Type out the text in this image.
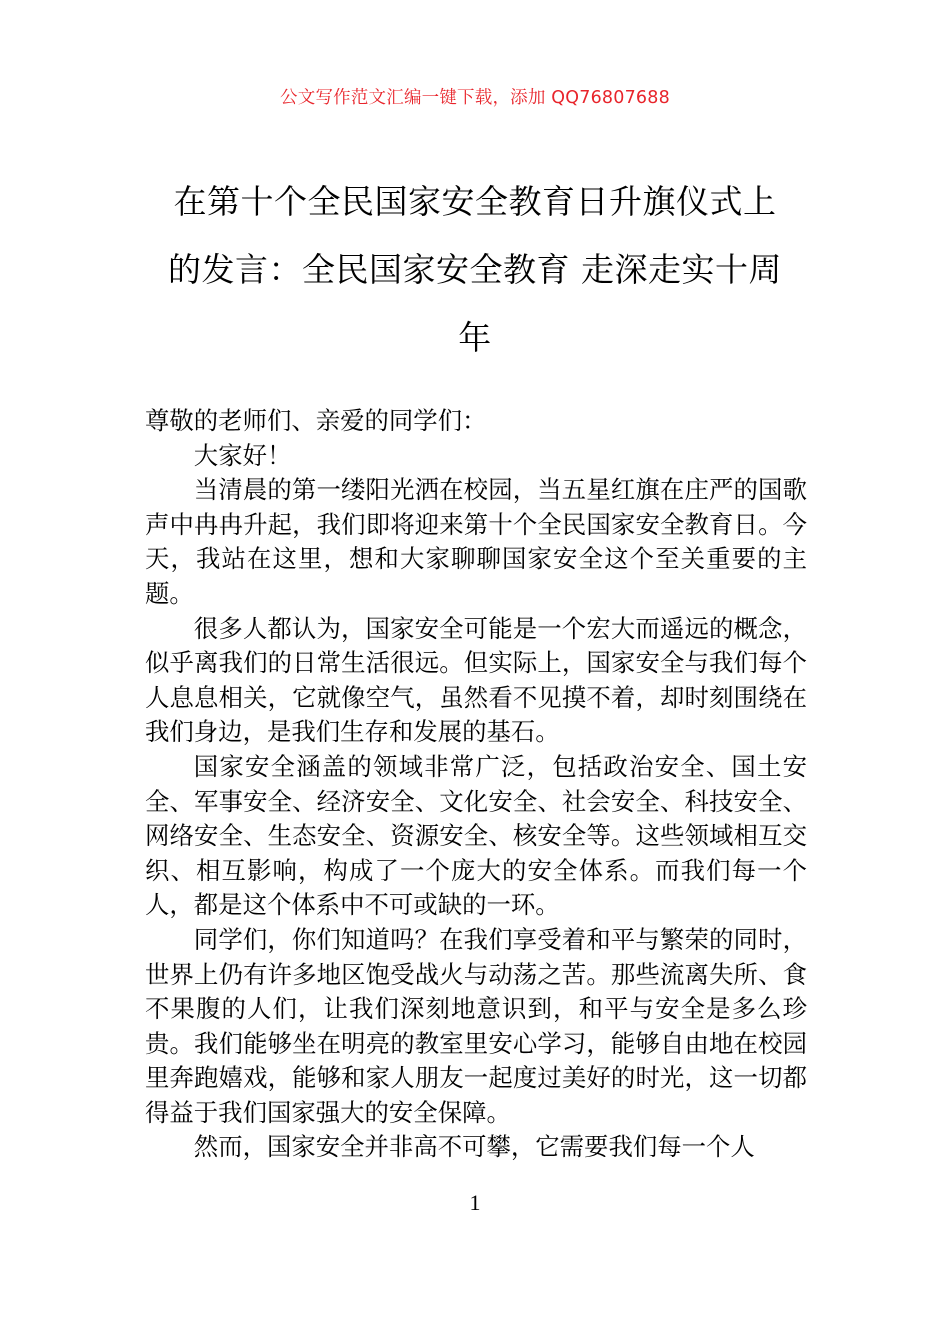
公文写作范文汇编一键下载，添加 QQ76807688
在第十个全民国家安全教育日升旗仪式上
的发言：全民国家安全教育 走深走实十周
年

尊敬的老师们、亲爱的同学们：

大家好！

当清晨的第一缕阳光洒在校园，当五星红旗在庄严的国歌声中冉冉升起，我们即将迎来第十个全民国家安全教育日。今天，我站在这里，想和大家聊聊国家安全这个至关重要的主题。

很多人都认为，国家安全可能是一个宏大而遥远的概念，似乎离我们的日常生活很远。但实际上，国家安全与我们每个人息息相关，它就像空气，虽然看不见摸不着，却时刻围绕在我们身边，是我们生存和发展的基石。

国家安全涵盖的领域非常广泛，包括政治安全、国土安全、军事安全、经济安全、文化安全、社会安全、科技安全、网络安全、生态安全、资源安全、核安全等。这些领域相互交织、相互影响，构成了一个庞大的安全体系。而我们每一个人，都是这个体系中不可或缺的一环。

同学们，你们知道吗？在我们享受着和平与繁荣的同时，世界上仍有许多地区饱受战火与动荡之苦。那些流离失所、食不果腹的人们，让我们深刻地意识到，和平与安全是多么珍贵。我们能够坐在明亮的教室里安心学习，能够自由地在校园里奔跑嬉戏，能够和家人朋友一起度过美好的时光，这一切都得益于我们国家强大的安全保障。

然而，国家安全并非高不可攀，它需要我们每一个人

1
